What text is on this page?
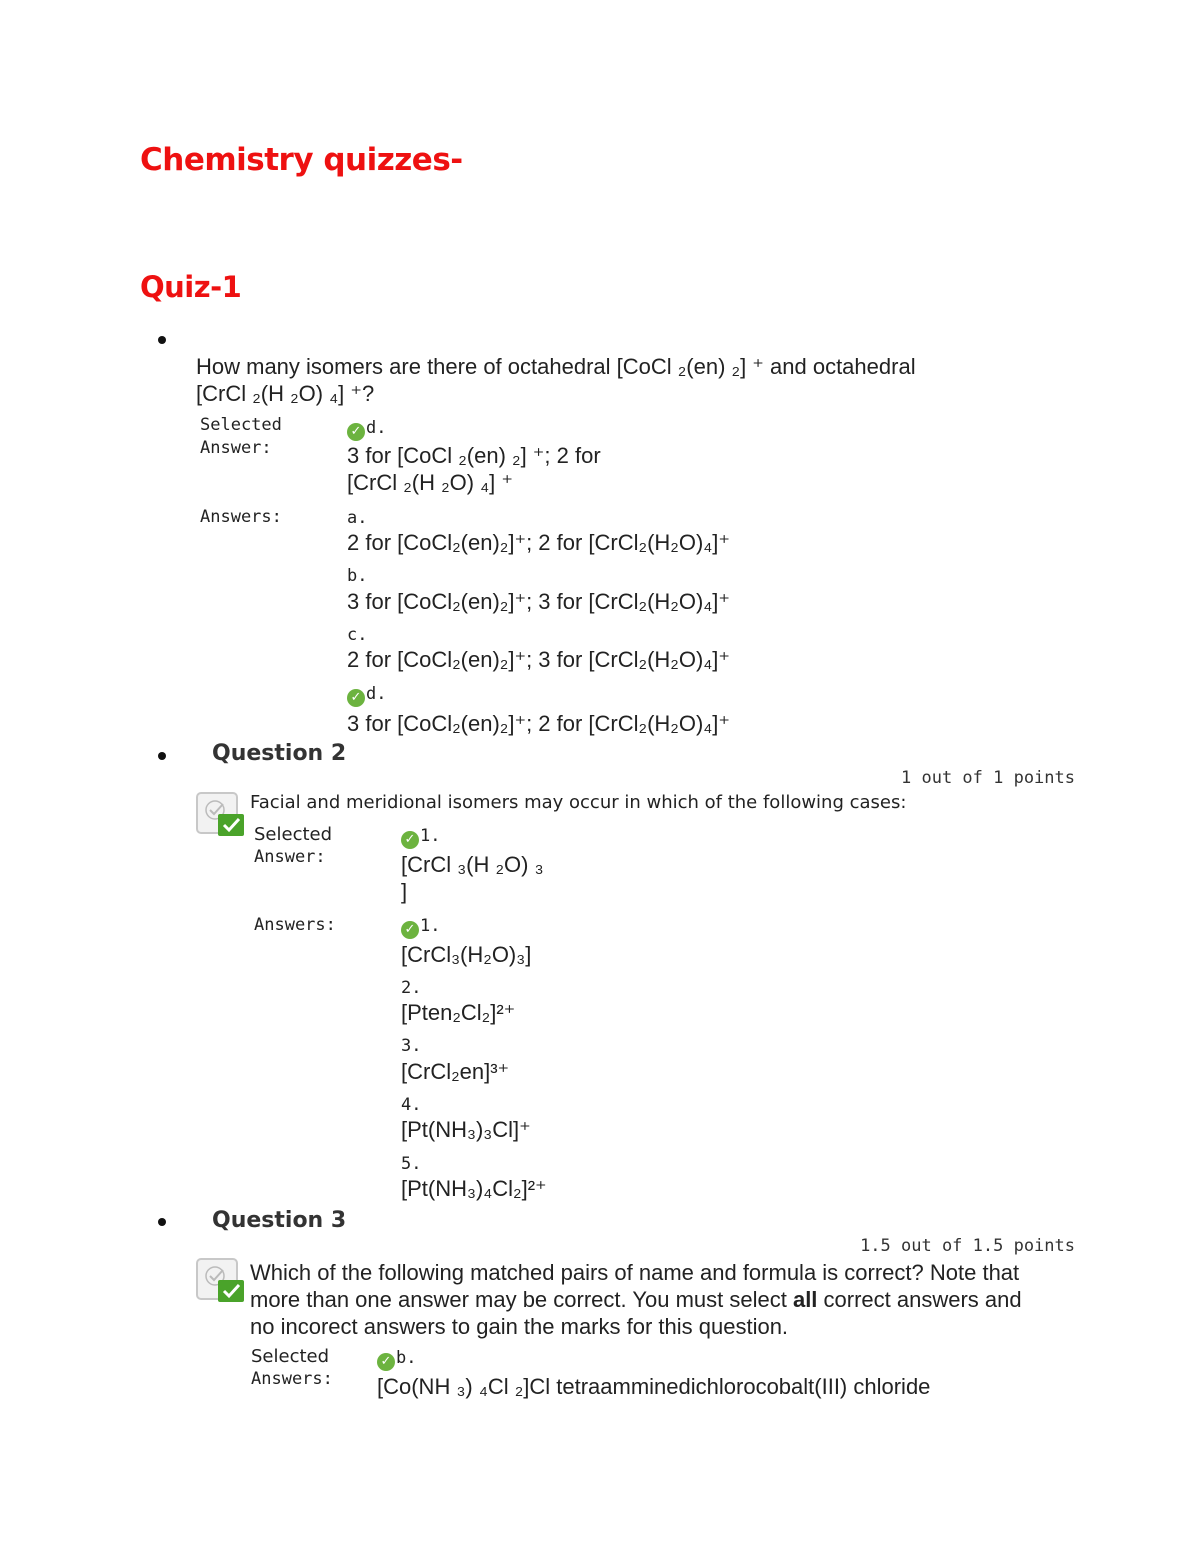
Chemistry quizzes-
Quiz-1
How many isomers are there of octahedral [CoCl ₂(en) ₂] ⁺ and octahedral
[CrCl ₂(H ₂O) ₄] ⁺?
Selected
Answer:
✓ d.
3 for [CoCl ₂(en) ₂] ⁺; 2 for
[CrCl ₂(H ₂O) ₄] ⁺
Answers:	a.
2 for [CoCl₂(en)₂]⁺; 2 for [CrCl₂(H₂O)₄]⁺
b.
3 for [CoCl₂(en)₂]⁺; 3 for [CrCl₂(H₂O)₄]⁺
c.
2 for [CoCl₂(en)₂]⁺; 3 for [CrCl₂(H₂O)₄]⁺
✓ d.
3 for [CoCl₂(en)₂]⁺; 2 for [CrCl₂(H₂O)₄]⁺
Question 2
1 out of 1 points
Facial and meridional isomers may occur in which of the following cases:
Selected
Answer:
✓ 1.
[CrCl ₃(H ₂O) ₃
]
Answers:	✓ 1.
[CrCl₃(H₂O)₃]
2.
[Pten₂Cl₂]²⁺
3.
[CrCl₂en]³⁺
4.
[Pt(NH₃)₃Cl]⁺
5.
[Pt(NH₃)₄Cl₂]²⁺
Question 3
1.5 out of 1.5 points
Which of the following matched pairs of name and formula is correct? Note that
more than one answer may be correct. You must select all correct answers and
no incorect answers to gain the marks for this question.
Selected
Answers:
✓ b.
[Co(NH ₃) ₄Cl ₂]Cl tetraamminedichlorocobalt(III) chloride
